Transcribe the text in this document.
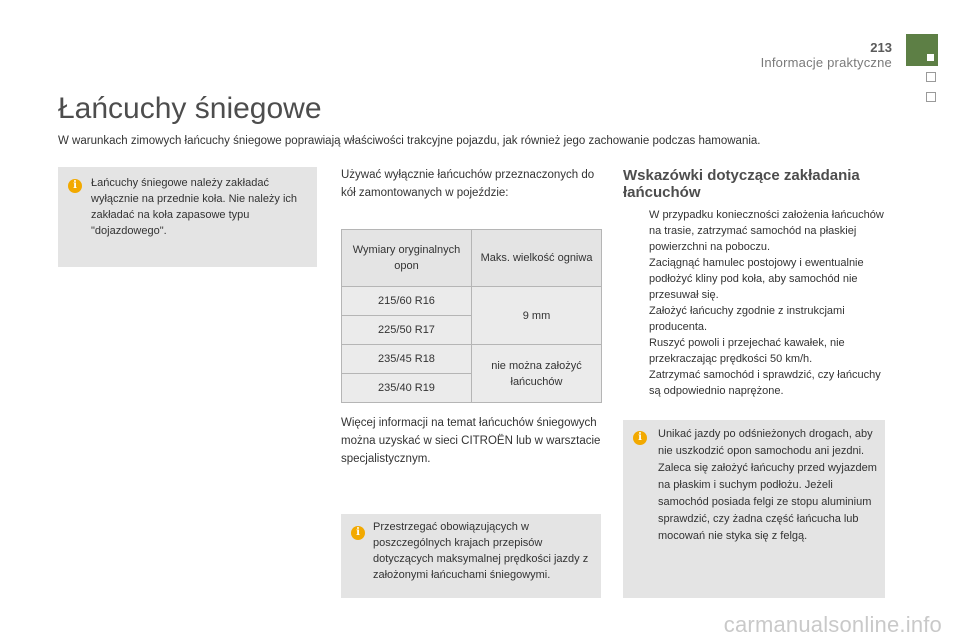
213
Informacje praktyczne
Łańcuchy śniegowe
W warunkach zimowych łańcuchy śniegowe poprawiają właściwości trakcyjne pojazdu, jak również jego zachowanie podczas hamowania.
i	Łańcuchy śniegowe należy zakładać wyłącznie na przednie koła. Nie należy ich zakładać na koła zapasowe typu "dojazdowego".
Używać wyłącznie łańcuchów przeznaczonych do kół zamontowanych w pojeździe:
Wymiary oryginalnych opon	Maks. wielkość ogniwa
215/60 R16	9 mm
225/50 R17	
235/45 R18	nie można założyć łańcuchów
235/40 R19	
Więcej informacji na temat łańcuchów śniegowych można uzyskać w sieci CITROËN lub w warsztacie specjalistycznym.
i	Przestrzegać obowiązujących w poszczególnych krajach przepisów dotyczących maksymalnej prędkości jazdy z założonymi łańcuchami śniegowymi.
Wskazówki dotyczące zakładania łańcuchów
W przypadku konieczności założenia łańcuchów na trasie, zatrzymać samochód na płaskiej powierzchni na poboczu.
Zaciągnąć hamulec postojowy i ewentualnie podłożyć kliny pod koła, aby samochód nie przesuwał się.
Założyć łańcuchy zgodnie z instrukcjami producenta.
Ruszyć powoli i przejechać kawałek, nie przekraczając prędkości 50 km/h.
Zatrzymać samochód i sprawdzić, czy łańcuchy są odpowiednio naprężone.
i	Unikać jazdy po odśnieżonych drogach, aby nie uszkodzić opon samochodu ani jezdni. Zaleca się założyć łańcuchy przed wyjazdem na płaskim i suchym podłożu. Jeżeli samochód posiada felgi ze stopu aluminium sprawdzić, czy żadna część łańcucha lub mocowań nie styka się z felgą.
carmanualsonline.info
